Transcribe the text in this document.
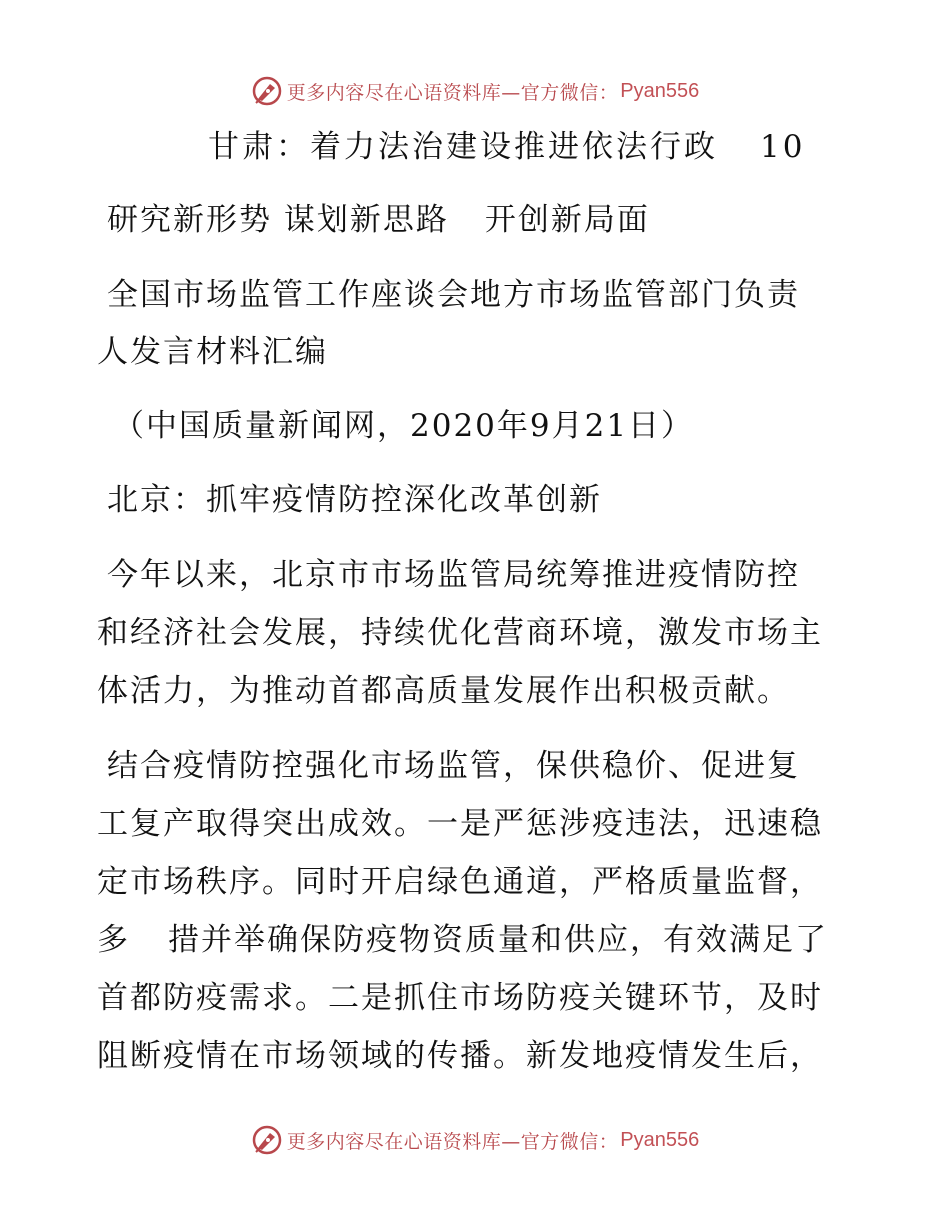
更多内容尽在心语资料库—官方微信： Pyan556
甘肃：着力法治建设推进依法行政 10
研究新形势 谋划新思路 开创新局面
全国市场监管工作座谈会地方市场监管部门负责
人发言材料汇编
（中国质量新闻网，2020年9月21日）
北京：抓牢疫情防控深化改革创新
今年以来，北京市市场监管局统筹推进疫情防控
和经济社会发展，持续优化营商环境，激发市场主
体活力，为推动首都高质量发展作出积极贡献。
结合疫情防控强化市场监管，保供稳价、促进复
工复产取得突出成效。一是严惩涉疫违法，迅速稳
定市场秩序。同时开启绿色通道，严格质量监督，
多 措并举确保防疫物资质量和供应，有效满足了
首都防疫需求。二是抓住市场防疫关键环节，及时
阻断疫情在市场领域的传播。新发地疫情发生后，
更多内容尽在心语资料库—官方微信： Pyan556
